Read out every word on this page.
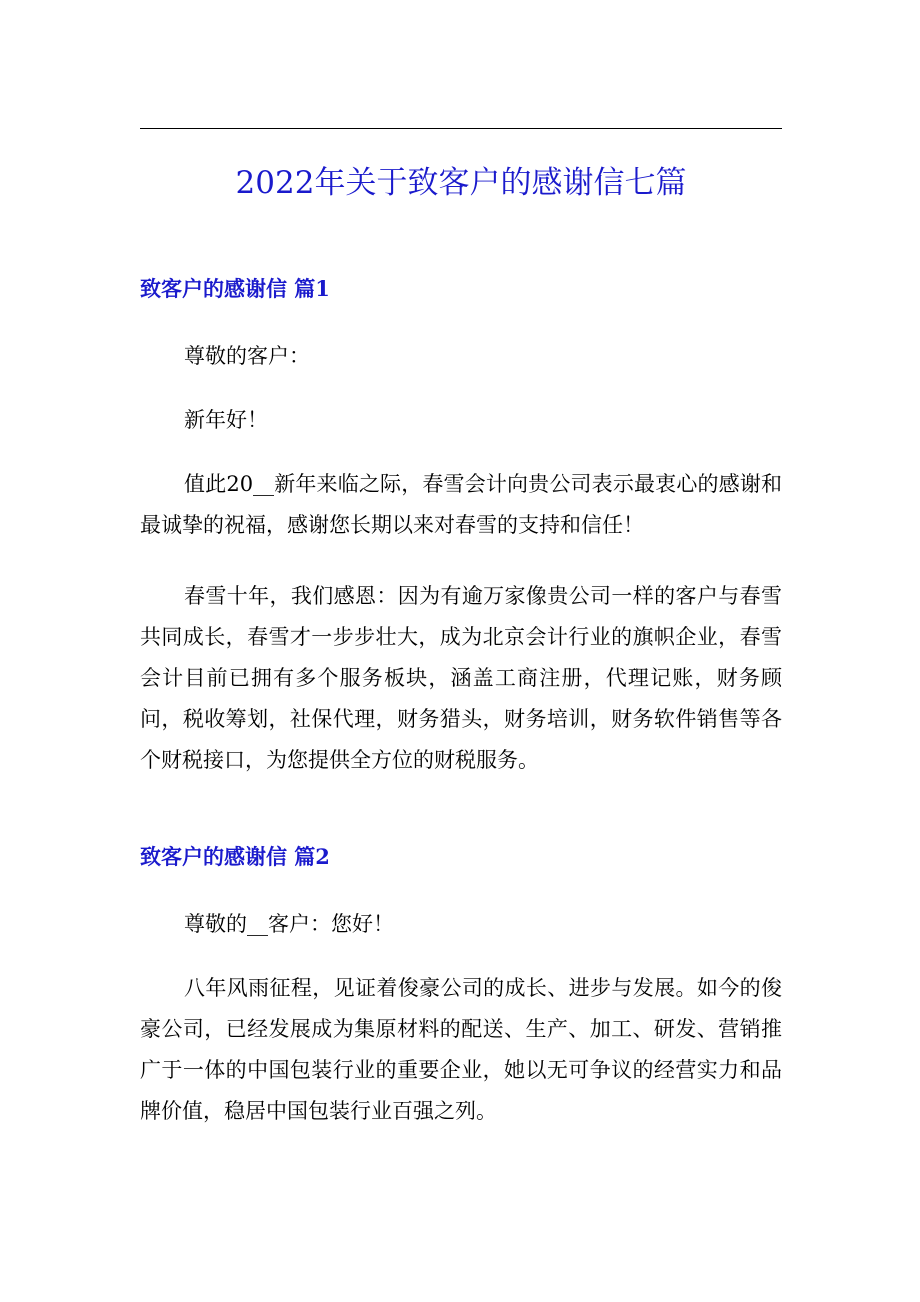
2022年关于致客户的感谢信七篇
致客户的感谢信 篇1
尊敬的客户：
新年好！
值此20__新年来临之际，春雪会计向贵公司表示最衷心的感谢和最诚挚的祝福，感谢您长期以来对春雪的支持和信任！
春雪十年，我们感恩：因为有逾万家像贵公司一样的客户与春雪共同成长，春雪才一步步壮大，成为北京会计行业的旗帜企业，春雪会计目前已拥有多个服务板块，涵盖工商注册，代理记账，财务顾问，税收筹划，社保代理，财务猎头，财务培训，财务软件销售等各个财税接口，为您提供全方位的财税服务。
致客户的感谢信 篇2
尊敬的__客户：您好！
八年风雨征程，见证着俊豪公司的成长、进步与发展。如今的俊豪公司，已经发展成为集原材料的配送、生产、加工、研发、营销推广于一体的中国包装行业的重要企业，她以无可争议的经营实力和品牌价值，稳居中国包装行业百强之列。
